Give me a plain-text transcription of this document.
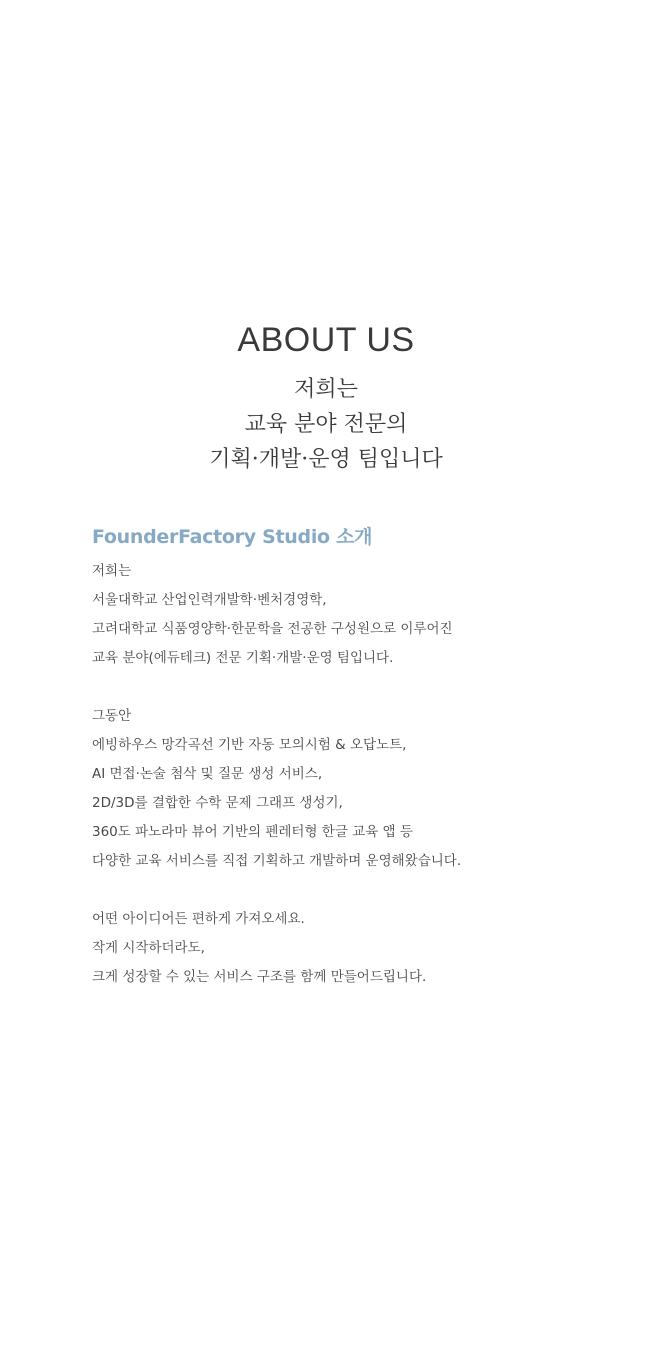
ABOUT US
저희는
교육 분야 전문의
기획·개발·운영 팀입니다
FounderFactory Studio 소개
저희는
서울대학교 산업인력개발학·벤처경영학,
고려대학교 식품영양학·한문학을 전공한 구성원으로 이루어진
교육 분야(에듀테크) 전문 기획·개발·운영 팀입니다.
그동안
에빙하우스 망각곡선 기반 자동 모의시험 & 오답노트,
AI 면접·논술 첨삭 및 질문 생성 서비스,
2D/3D를 결합한 수학 문제 그래프 생성기,
360도 파노라마 뷰어 기반의 펜레터형 한글 교육 앱 등
다양한 교육 서비스를 직접 기획하고 개발하며 운영해왔습니다.
어떤 아이디어든 편하게 가져오세요.
작게 시작하더라도,
크게 성장할 수 있는 서비스 구조를 함께 만들어드립니다.
